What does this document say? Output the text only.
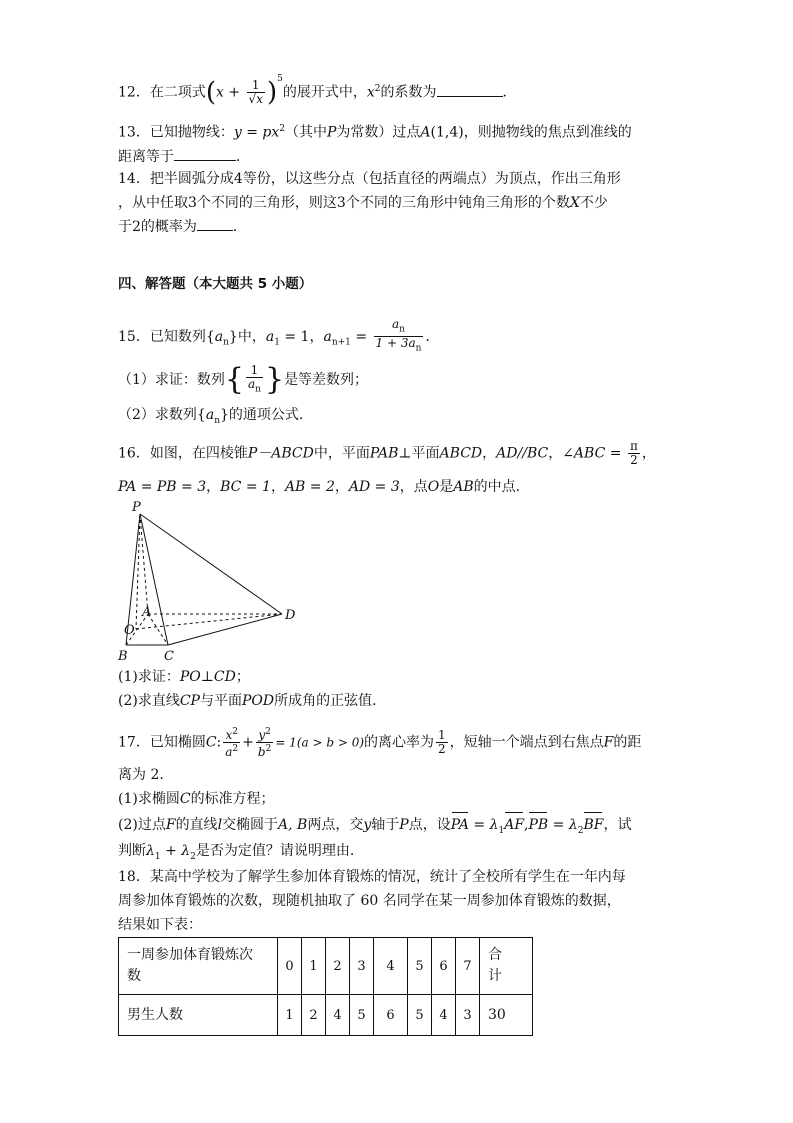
12．在二项式$(x + \frac{1}{√x} )^5$的展开式中，$x^2$的系数为	．
13．已知抛物线：$y = px^2$（其中P为常数）过点A(1,4)，则抛物线的焦点到准线的
距离等于	．
14．把半圆弧分成4等份，以这些分点（包括直径的两端点）为顶点，作出三角形
，从中任取3个不同的三角形，则这3个不同的三角形中钝角三角形的个数X不少
于2的概率为	．
四、解答题（本大题共 5 小题）
15．已知数列$\{a_n\}$中，$a_1 = 1$，$a_{n+1} = \frac{a_n}{1 + 3a_n}$ ．
（1）求证：数列{ $\frac{1}{a_n}$ }是等差数列；
（2）求数列$\{a_n\}$的通项公式．
16．如图，在四棱锥P－ABCD中，平面PAB⊥平面ABCD，AD//BC，∠ABC = $\frac{\pi}{2}$ ，
PA = PB = 3，BC = 1，AB = 2，AD = 3，点O是AB的中点．
P
A
O
B	C
D
(1)求证：PO⊥CD；
(2)求直线CP与平面POD所成角的正弦值．
17．已知椭圆C: $\frac{x^2}{a^2} + \frac{y^2}{b^2} = 1(a > b > 0)$的离心率为 $\frac{1}{2}$ ，短轴一个端点到右焦点F的距
离为 2.
(1)求椭圆C的标准方程；
(2)过点F的直线l交椭圆于A, B两点，交y轴于P点，设PA = $\lambda_1AF,PB = \lambda_2BF$，试
判断$\lambda_1 + \lambda_2$是否为定值？请说明理由.
18．某高中学校为了解学生参加体育锻炼的情况，统计了全校所有学生在一年内每
周参加体育锻炼的次数，现随机抽取了 60 名同学在某一周参加体育锻炼的数据，
结果如下表：
一周参加体育锻炼次
数	0	1	2	3	4	5	6	7	合
计
男生人数	1	2	4	5	6	5	4	3	30
